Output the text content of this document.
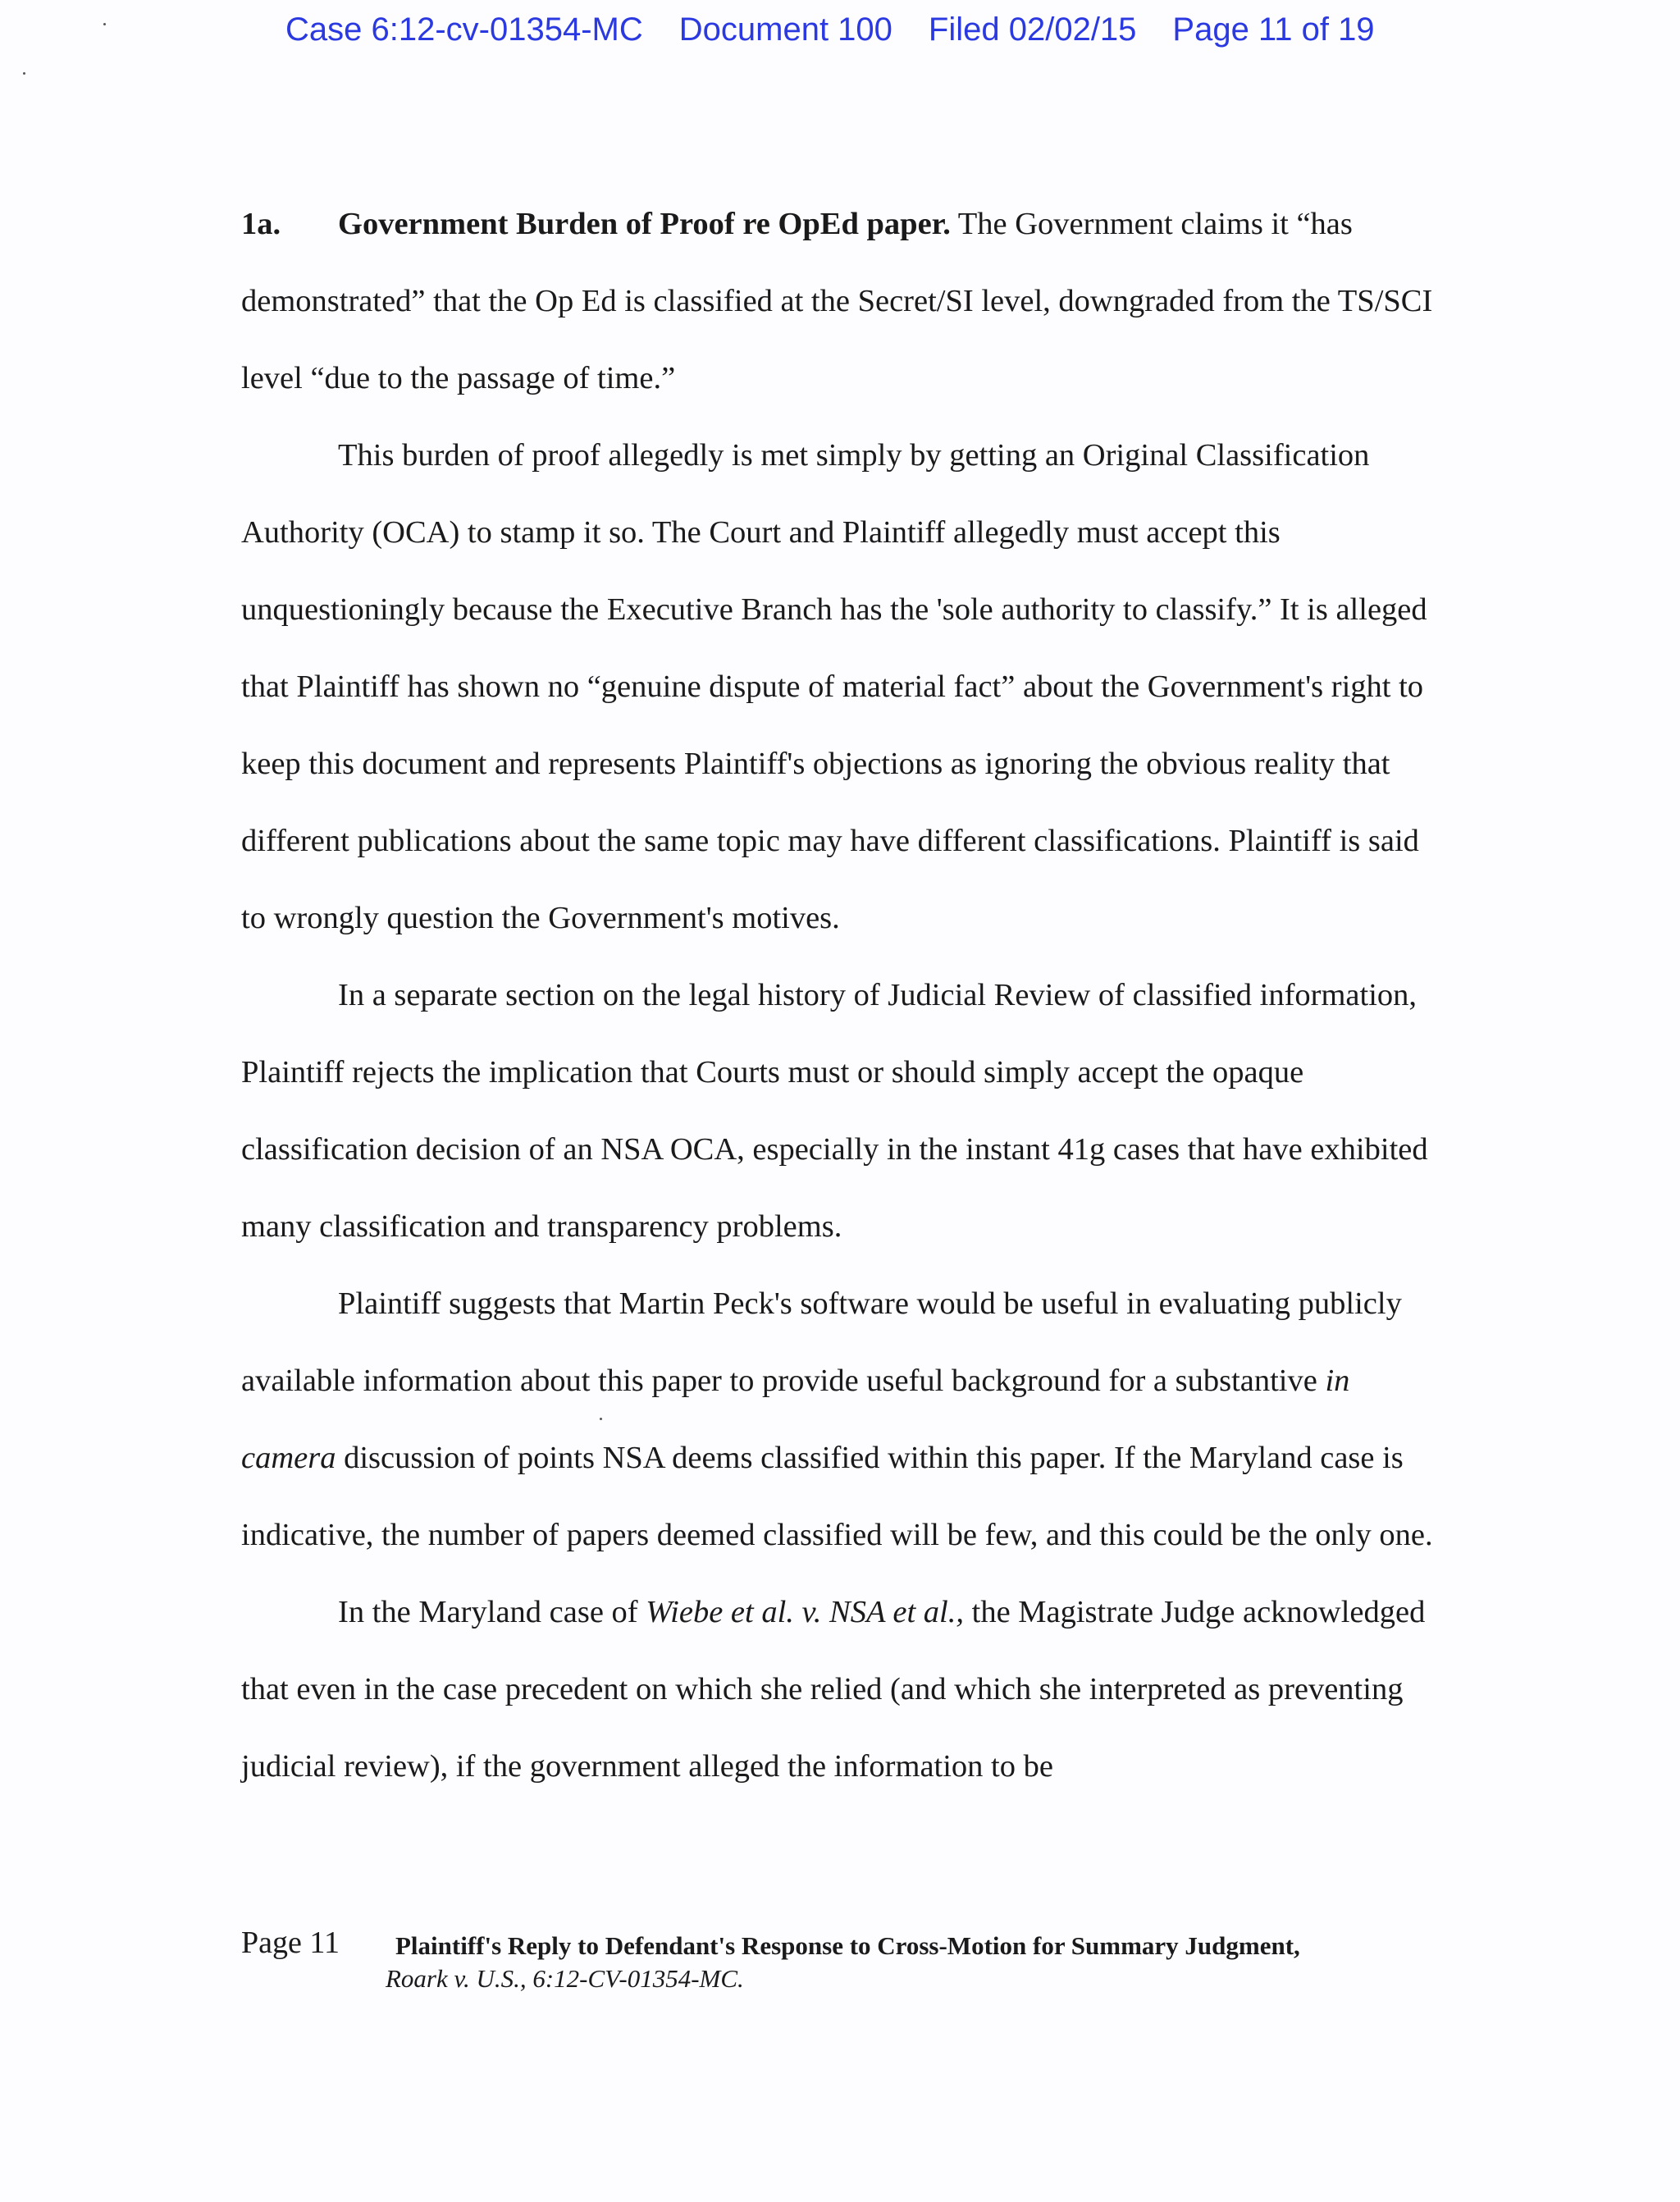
Case 6:12-cv-01354-MC Document 100 Filed 02/02/15 Page 11 of 19

1a. Government Burden of Proof re OpEd paper. The Government claims it “has demonstrated” that the Op Ed is classified at the Secret/SI level, downgraded from the TS/SCI level “due to the passage of time.”

This burden of proof allegedly is met simply by getting an Original Classification Authority (OCA) to stamp it so. The Court and Plaintiff allegedly must accept this unquestioningly because the Executive Branch has the 'sole authority to classify.” It is alleged that Plaintiff has shown no “genuine dispute of material fact” about the Government's right to keep this document and represents Plaintiff's objections as ignoring the obvious reality that different publications about the same topic may have different classifications. Plaintiff is said to wrongly question the Government's motives.

In a separate section on the legal history of Judicial Review of classified information, Plaintiff rejects the implication that Courts must or should simply accept the opaque classification decision of an NSA OCA, especially in the instant 41g cases that have exhibited many classification and transparency problems.

Plaintiff suggests that Martin Peck's software would be useful in evaluating publicly available information about this paper to provide useful background for a substantive in camera discussion of points NSA deems classified within this paper. If the Maryland case is indicative, the number of papers deemed classified will be few, and this could be the only one.

In the Maryland case of Wiebe et al. v. NSA et al., the Magistrate Judge acknowledged that even in the case precedent on which she relied (and which she interpreted as preventing judicial review), if the government alleged the information to be

Page 11 Plaintiff's Reply to Defendant's Response to Cross-Motion for Summary Judgment,
Roark v. U.S., 6:12-CV-01354-MC.
